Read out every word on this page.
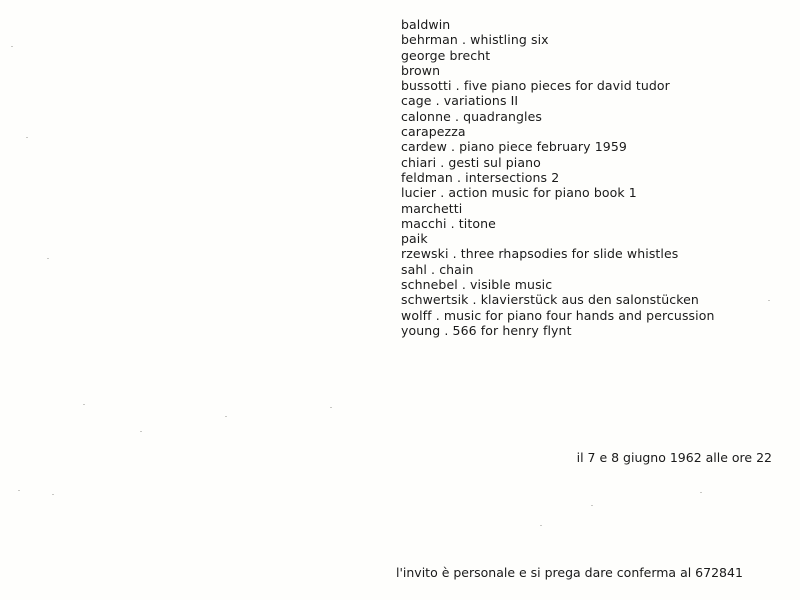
baldwin
behrman . whistling six
george brecht
brown
bussotti . five piano pieces for david tudor
cage . variations II
calonne . quadrangles
carapezza
cardew . piano piece february 1959
chiari . gesti sul piano
feldman . intersections 2
lucier . action music for piano book 1
marchetti
macchi . titone
paik
rzewski . three rhapsodies for slide whistles
sahl . chain
schnebel . visible music
schwertsik . klavierstück aus den salonstücken
wolff . music for piano four hands and percussion
young . 566 for henry flynt
il 7 e 8 giugno 1962 alle ore 22
l'invito è personale e si prega dare conferma al 672841
